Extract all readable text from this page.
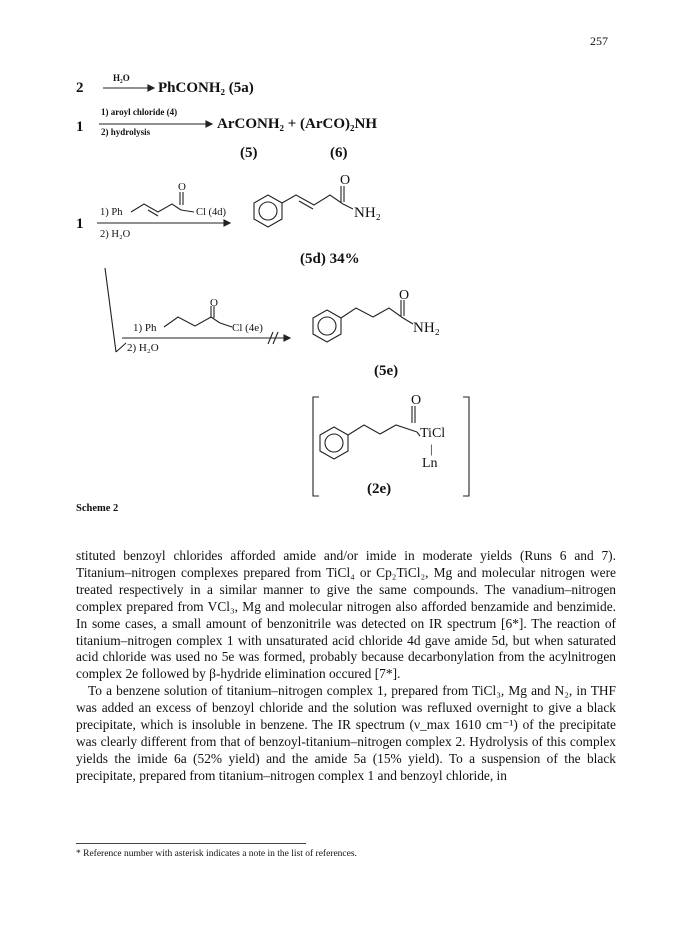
257
2
H₂O
PhCONH₂ (5a)
1
1) aroyl chloride (4)
2) hydrolysis	ArCONH₂ + (ArCO)₂NH
(5)	(6)
1
1) Ph	Cl (4d)
2) H₂O
O	O
NH₂
(5d) 34%
1) Ph	Cl (4e)
2) H₂O
O	O
NH₂
(5e)
O
TiCl
|
Ln
(2e)
Scheme 2

stituted benzoyl chlorides afforded amide and/or imide in moderate yields (Runs 6 and 7). Titanium–nitrogen complexes prepared from TiCl₄ or Cp₂TiCl₂, Mg and molecular nitrogen were treated respectively in a similar manner to give the same compounds. The vanadium–nitrogen complex prepared from VCl₃, Mg and molecular nitrogen also afforded benzamide and benzimide. In some cases, a small amount of benzonitrile was detected on IR spectrum [6*]. The reaction of titanium–nitrogen complex 1 with unsaturated acid chloride 4d gave amide 5d, but when saturated acid chloride was used no 5e was formed, probably because decarbonylation from the acylnitrogen complex 2e followed by β-hydride elimination occured [7*].

To a benzene solution of titanium–nitrogen complex 1, prepared from TiCl₃, Mg and N₂, in THF was added an excess of benzoyl chloride and the solution was refluxed overnight to give a black precipitate, which is insoluble in benzene. The IR spectrum (ν_max 1610 cm⁻¹) of the precipitate was clearly different from that of benzoyl-titanium–nitrogen complex 2. Hydrolysis of this complex yields the imide 6a (52% yield) and the amide 5a (15% yield). To a suspension of the black precipitate, prepared from titanium–nitrogen complex 1 and benzoyl chloride, in

* Reference number with asterisk indicates a note in the list of references.
